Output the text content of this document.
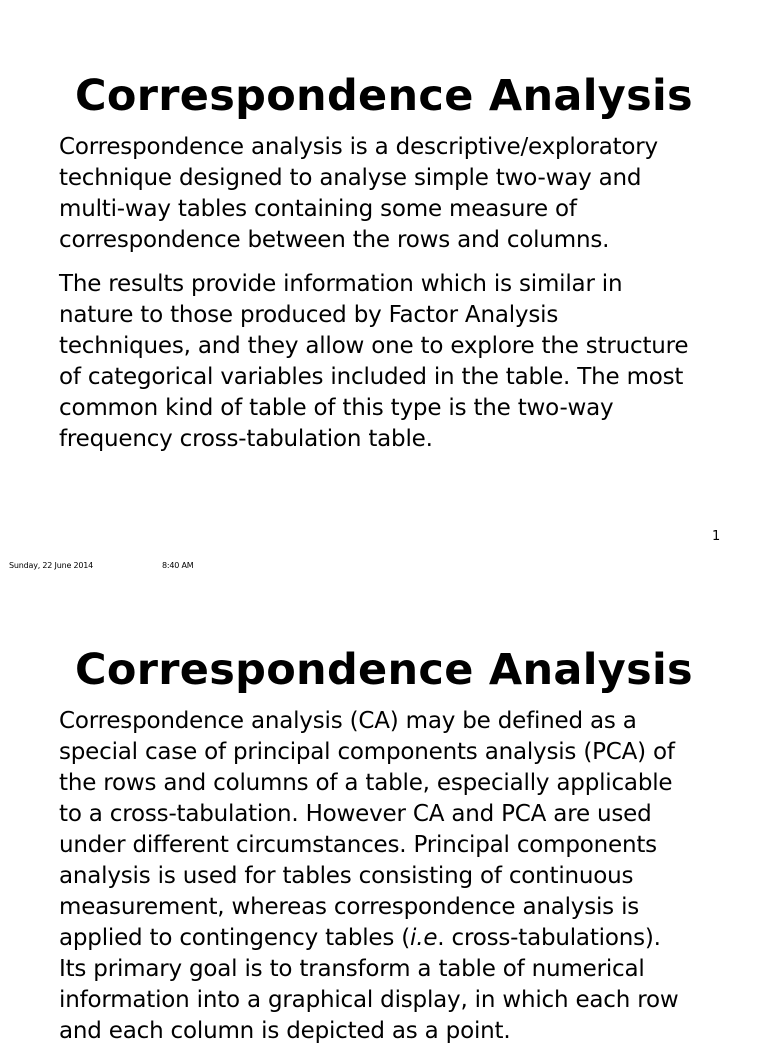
Correspondence Analysis

Correspondence analysis is a descriptive/exploratory
technique designed to analyse simple two-way and
multi-way tables containing some measure of
correspondence between the rows and columns.

The results provide information which is similar in
nature to those produced by Factor Analysis
techniques, and they allow one to explore the structure
of categorical variables included in the table. The most
common kind of table of this type is the two-way
frequency cross-tabulation table.

1
Sunday, 22 June 2014	8:40 AM
Correspondence Analysis

Correspondence analysis (CA) may be defined as a
special case of principal components analysis (PCA) of
the rows and columns of a table, especially applicable
to a cross-tabulation. However CA and PCA are used
under different circumstances. Principal components
analysis is used for tables consisting of continuous
measurement, whereas correspondence analysis is
applied to contingency tables (i.e. cross-tabulations).
Its primary goal is to transform a table of numerical
information into a graphical display, in which each row
and each column is depicted as a point.
